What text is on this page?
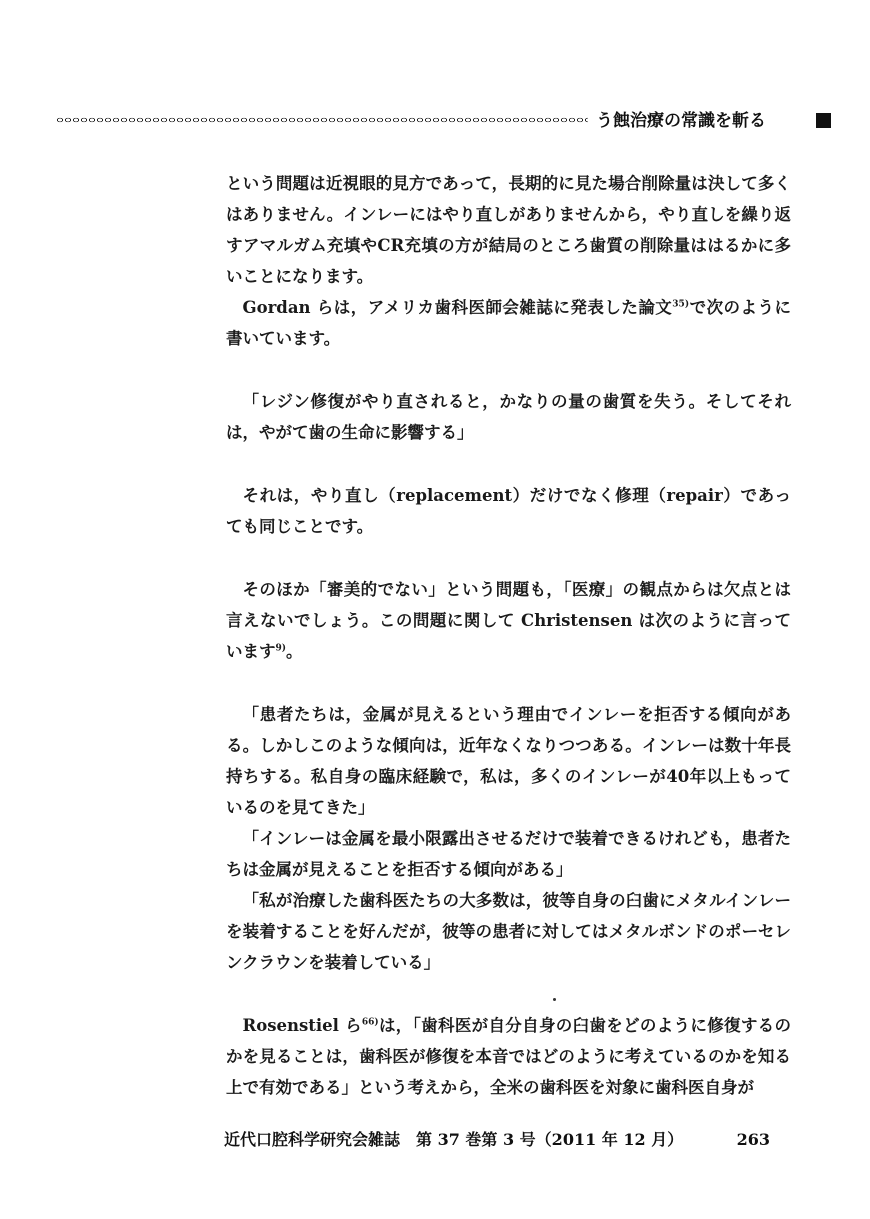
う蝕治療の常識を斬る

という問題は近視眼的見方であって，長期的に見た場合削除量は決して多くはありません。インレーにはやり直しがありませんから，やり直しを繰り返すアマルガム充填やCR充填の方が結局のところ歯質の削除量ははるかに多いことになります。

Gordan らは，アメリカ歯科医師会雑誌に発表した論文$^{35)}$で次のように書いています。

「レジン修復がやり直されると，かなりの量の歯質を失う。そしてそれは，やがて歯の生命に影響する」

それは，やり直し（replacement）だけでなく修理（repair）であっても同じことです。

そのほか「審美的でない」という問題も，「医療」の観点からは欠点とは言えないでしょう。この問題に関して Christensen は次のように言っています$^{9)}$。

「患者たちは，金属が見えるという理由でインレーを拒否する傾向がある。しかしこのような傾向は，近年なくなりつつある。インレーは数十年長持ちする。私自身の臨床経験で，私は，多くのインレーが40年以上もっているのを見てきた」

「インレーは金属を最小限露出させるだけで装着できるけれども，患者たちは金属が見えることを拒否する傾向がある」

「私が治療した歯科医たちの大多数は，彼等自身の臼歯にメタルインレーを装着することを好んだが，彼等の患者に対してはメタルボンドのポーセレンクラウンを装着している」

Rosenstiel ら$^{66)}$は，「歯科医が自分自身の臼歯をどのように修復するのかを見ることは，歯科医が修復を本音ではどのように考えているのかを知る上で有効である」という考えから，全米の歯科医を対象に歯科医自身が

近代口腔科学研究会雑誌　第 37 巻第 3 号（2011 年 12 月）	263
